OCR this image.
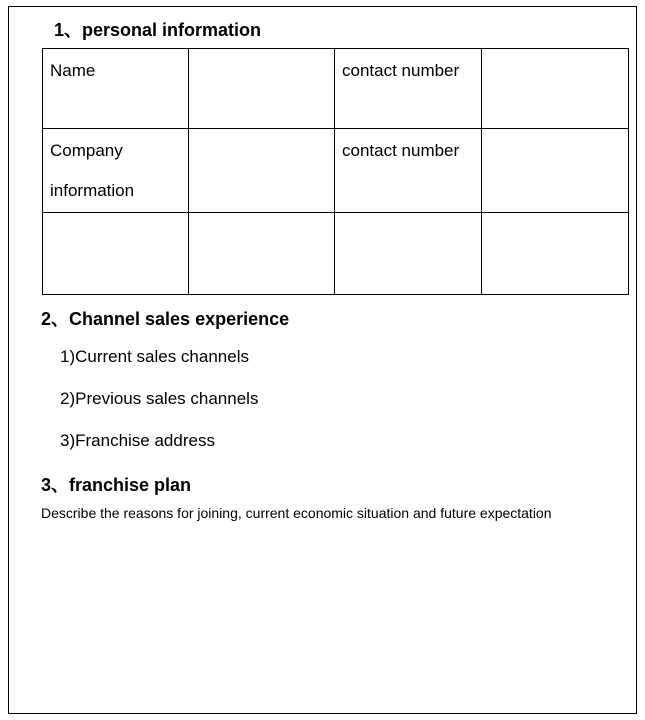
1、personal information
Name		contact number	

Company
information		contact number	

2、Channel sales experience
1)Current sales channels
2)Previous sales channels
3)Franchise address
3、franchise plan
Describe the reasons for joining, current economic situation and future expectation
